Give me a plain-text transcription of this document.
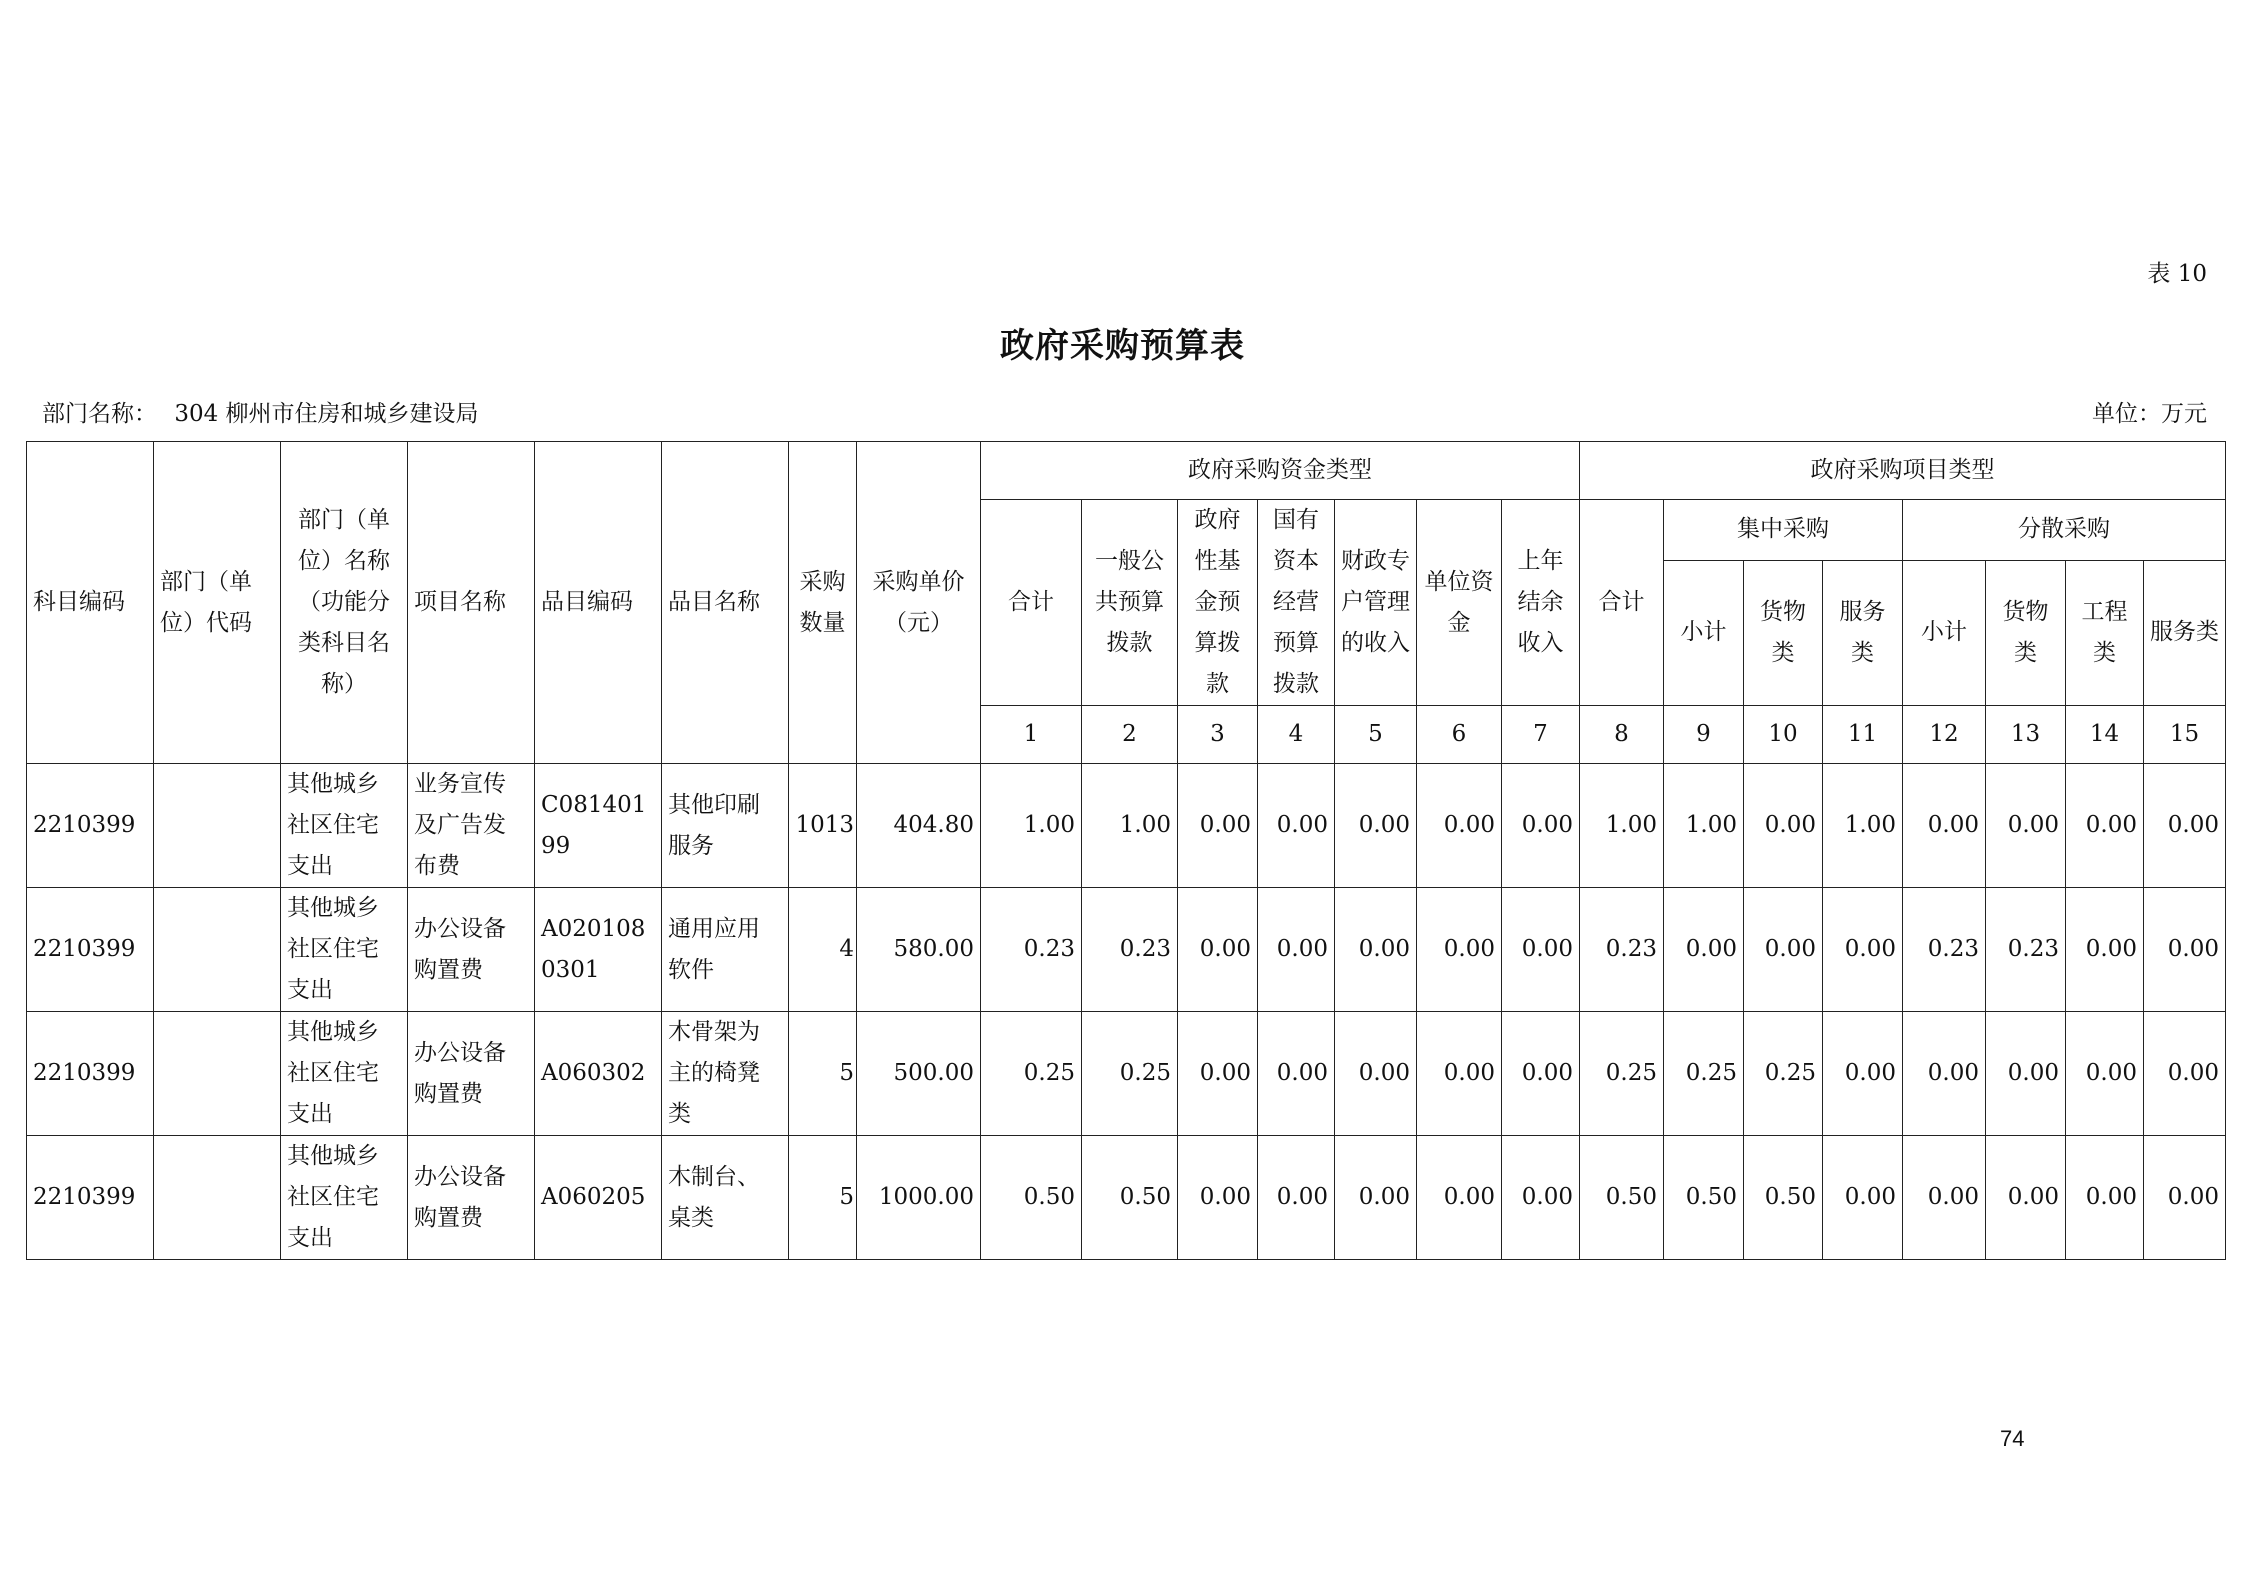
表 10
政府采购预算表
部门名称： 304 柳州市住房和城乡建设局	单位：万元
科目编码	部门（单位）代码	部门（单位）名称（功能分类科目名称）	项目名称	品目编码	品目名称	采购数量	采购单价（元）	政府采购资金类型							政府采购项目类型							
								合计	一般公共预算拨款	政府性基金预算拨款	国有资本经营预算拨款	财政专户管理的收入	单位资金	上年结余收入	合计	集中采购			分散采购			
																小计	货物类	服务类	小计	货物类	工程类	服务类
								1	2	3	4	5	6	7	8	9	10	11	12	13	14	15
2210399		其他城乡社区住宅支出	业务宣传及广告发布费	C08140199	其他印刷服务	1013	404.80	1.00	1.00	0.00	0.00	0.00	0.00	0.00	1.00	1.00	0.00	1.00	0.00	0.00	0.00	0.00
2210399		其他城乡社区住宅支出	办公设备购置费	A0201080301	通用应用软件	4	580.00	0.23	0.23	0.00	0.00	0.00	0.00	0.00	0.23	0.00	0.00	0.00	0.23	0.23	0.00	0.00
2210399		其他城乡社区住宅支出	办公设备购置费	A060302	木骨架为主的椅凳类	5	500.00	0.25	0.25	0.00	0.00	0.00	0.00	0.00	0.25	0.25	0.25	0.00	0.00	0.00	0.00	0.00
2210399		其他城乡社区住宅支出	办公设备购置费	A060205	木制台、桌类	5	1000.00	0.50	0.50	0.00	0.00	0.00	0.00	0.00	0.50	0.50	0.50	0.00	0.00	0.00	0.00	0.00
74
